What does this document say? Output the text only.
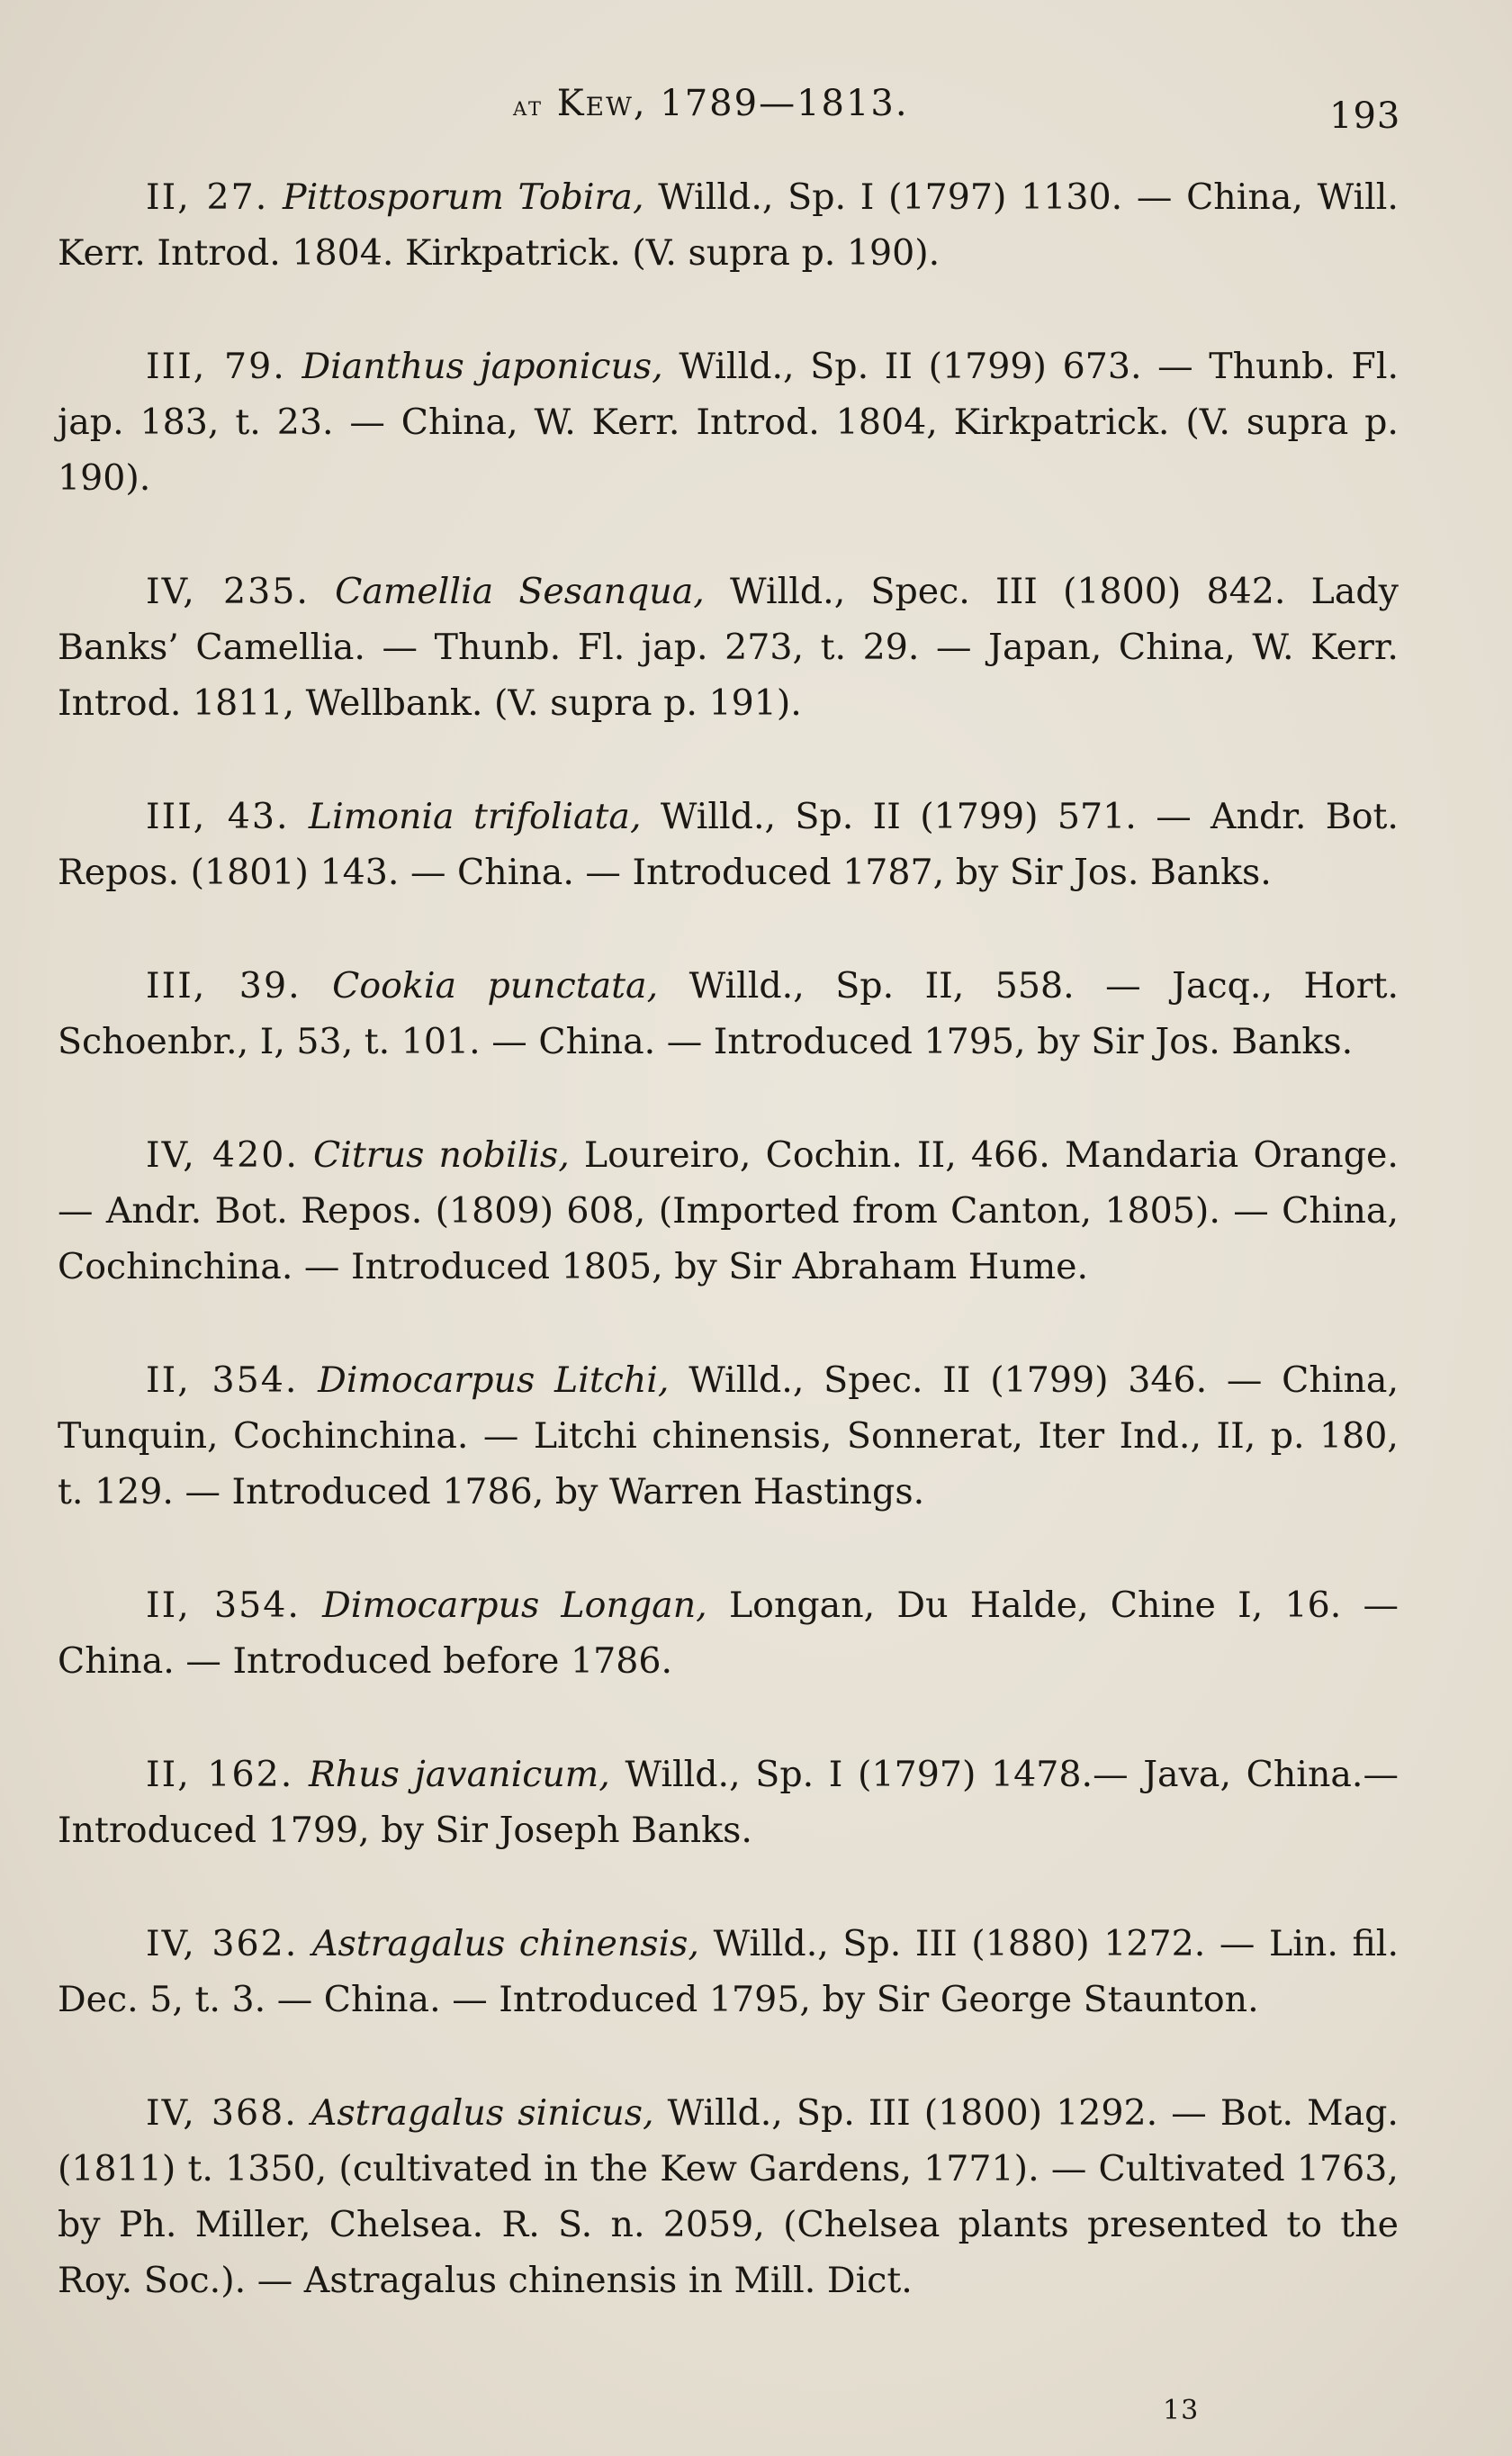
at Kew, 1789—1813.	193

II, 27. Pittosporum Tobira, Willd., Sp. I (1797) 1130. — China, Will. Kerr. Introd. 1804. Kirkpatrick. (V. supra p. 190).

III, 79. Dianthus japonicus, Willd., Sp. II (1799) 673. — Thunb. Fl. jap. 183, t. 23. — China, W. Kerr. Introd. 1804, Kirkpatrick. (V. supra p. 190).

IV, 235. Camellia Sesanqua, Willd., Spec. III (1800) 842. Lady Banks’ Camellia. — Thunb. Fl. jap. 273, t. 29. — Japan, China, W. Kerr. Introd. 1811, Wellbank. (V. supra p. 191).

III, 43. Limonia trifoliata, Willd., Sp. II (1799) 571. — Andr. Bot. Repos. (1801) 143. — China. — Introduced 1787, by Sir Jos. Banks.

III, 39. Cookia punctata, Willd., Sp. II, 558. — Jacq., Hort. Schoenbr., I, 53, t. 101. — China. — Introduced 1795, by Sir Jos. Banks.

IV, 420. Citrus nobilis, Loureiro, Cochin. II, 466. Mandaria Orange.— Andr. Bot. Repos. (1809) 608, (Imported from Canton, 1805). — China, Cochinchina. — Introduced 1805, by Sir Abraham Hume.

II, 354. Dimocarpus Litchi, Willd., Spec. II (1799) 346. — China, Tunquin, Cochinchina. — Litchi chinensis, Sonnerat, Iter Ind., II, p. 180, t. 129. — Introduced 1786, by Warren Hastings.

II, 354. Dimocarpus Longan, Longan, Du Halde, Chine I, 16. — China. — Introduced before 1786.

II, 162. Rhus javanicum, Willd., Sp. I (1797) 1478.— Java, China.— Introduced 1799, by Sir Joseph Banks.

IV, 362. Astragalus chinensis, Willd., Sp. III (1880) 1272. — Lin. fil. Dec. 5, t. 3. — China. — Introduced 1795, by Sir George Staunton.

IV, 368. Astragalus sinicus, Willd., Sp. III (1800) 1292. — Bot. Mag. (1811) t. 1350, (cultivated in the Kew Gardens, 1771). — Cultivated 1763, by Ph. Miller, Chelsea. R. S. n. 2059, (Chelsea plants presented to the Roy. Soc.). — Astragalus chinensis in Mill. Dict.

13
